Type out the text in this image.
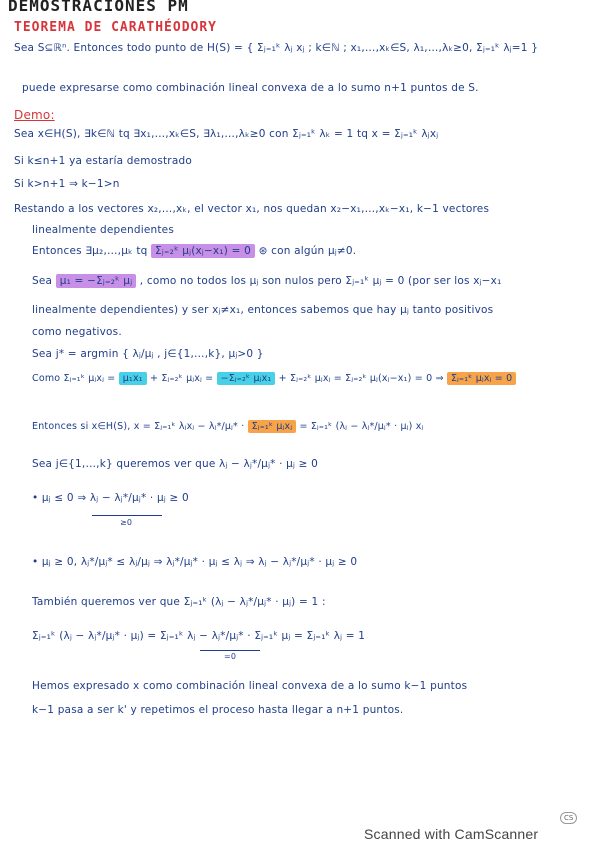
DEMOSTRACIONES PM
TEOREMA DE CARATHÉODORY
Sea S⊆ℝⁿ. Entonces todo punto de H(S) = { Σⱼ₌₁ᵏ λⱼ xⱼ ; k∈ℕ ; x₁,…,xₖ∈S, λ₁,…,λₖ≥0, Σⱼ₌₁ᵏ λⱼ=1 }
puede expresarse como combinación lineal convexa de a lo sumo n+1 puntos de S.
Demo:
Sea x∈H(S), ∃k∈ℕ tq ∃x₁,…,xₖ∈S, ∃λ₁,…,λₖ≥0 con Σⱼ₌₁ᵏ λₖ = 1 tq x = Σⱼ₌₁ᵏ λⱼxⱼ
Si k≤n+1 ya estaría demostrado
Si k>n+1 ⇒ k−1>n
Restando a los vectores x₂,…,xₖ, el vector x₁, nos quedan x₂−x₁,…,xₖ−x₁, k−1 vectores
linealmente dependientes
Entonces ∃μ₂,…,μₖ tq Σⱼ₌₂ᵏ μⱼ(xⱼ−x₁) = 0 ⊛ con algún μⱼ≠0.
Sea μ₁ = −Σⱼ₌₂ᵏ μⱼ , como no todos los μⱼ son nulos pero Σⱼ₌₁ᵏ μⱼ = 0 (por ser los xⱼ−x₁
linealmente dependientes) y ser xⱼ≠x₁, entonces sabemos que hay μⱼ tanto positivos
como negativos.
Sea j* = argmin { λⱼ/μⱼ , j∈{1,…,k}, μⱼ>0 }
Como Σⱼ₌₁ᵏ μⱼxⱼ = μ₁x₁ + Σⱼ₌₂ᵏ μⱼxⱼ = −Σⱼ₌₂ᵏ μⱼx₁ + Σⱼ₌₂ᵏ μⱼxⱼ = Σⱼ₌₂ᵏ μⱼ(xⱼ−x₁) = 0 ⇒ Σⱼ₌₁ᵏ μⱼxⱼ = 0
Entonces si x∈H(S), x = Σⱼ₌₁ᵏ λⱼxⱼ − λⱼ*/μⱼ* · Σⱼ₌₁ᵏ μⱼxⱼ = Σⱼ₌₁ᵏ (λⱼ − λⱼ*/μⱼ* · μⱼ) xⱼ
Sea j∈{1,…,k} queremos ver que λⱼ − λⱼ*/μⱼ* · μⱼ ≥ 0
• μⱼ ≤ 0 ⇒ λⱼ − λⱼ*/μⱼ* · μⱼ ≥ 0
≥0
• μⱼ ≥ 0, λⱼ*/μⱼ* ≤ λⱼ/μⱼ ⇒ λⱼ*/μⱼ* · μⱼ ≤ λⱼ ⇒ λⱼ − λⱼ*/μⱼ* · μⱼ ≥ 0
También queremos ver que Σⱼ₌₁ᵏ (λⱼ − λⱼ*/μⱼ* · μⱼ) = 1 :
Σⱼ₌₁ᵏ (λⱼ − λⱼ*/μⱼ* · μⱼ) = Σⱼ₌₁ᵏ λⱼ − λⱼ*/μⱼ* · Σⱼ₌₁ᵏ μⱼ = Σⱼ₌₁ᵏ λⱼ = 1
=0
Hemos expresado x como combinación lineal convexa de a lo sumo k−1 puntos
k−1 pasa a ser k' y repetimos el proceso hasta llegar a n+1 puntos.
CS
Scanned with CamScanner
